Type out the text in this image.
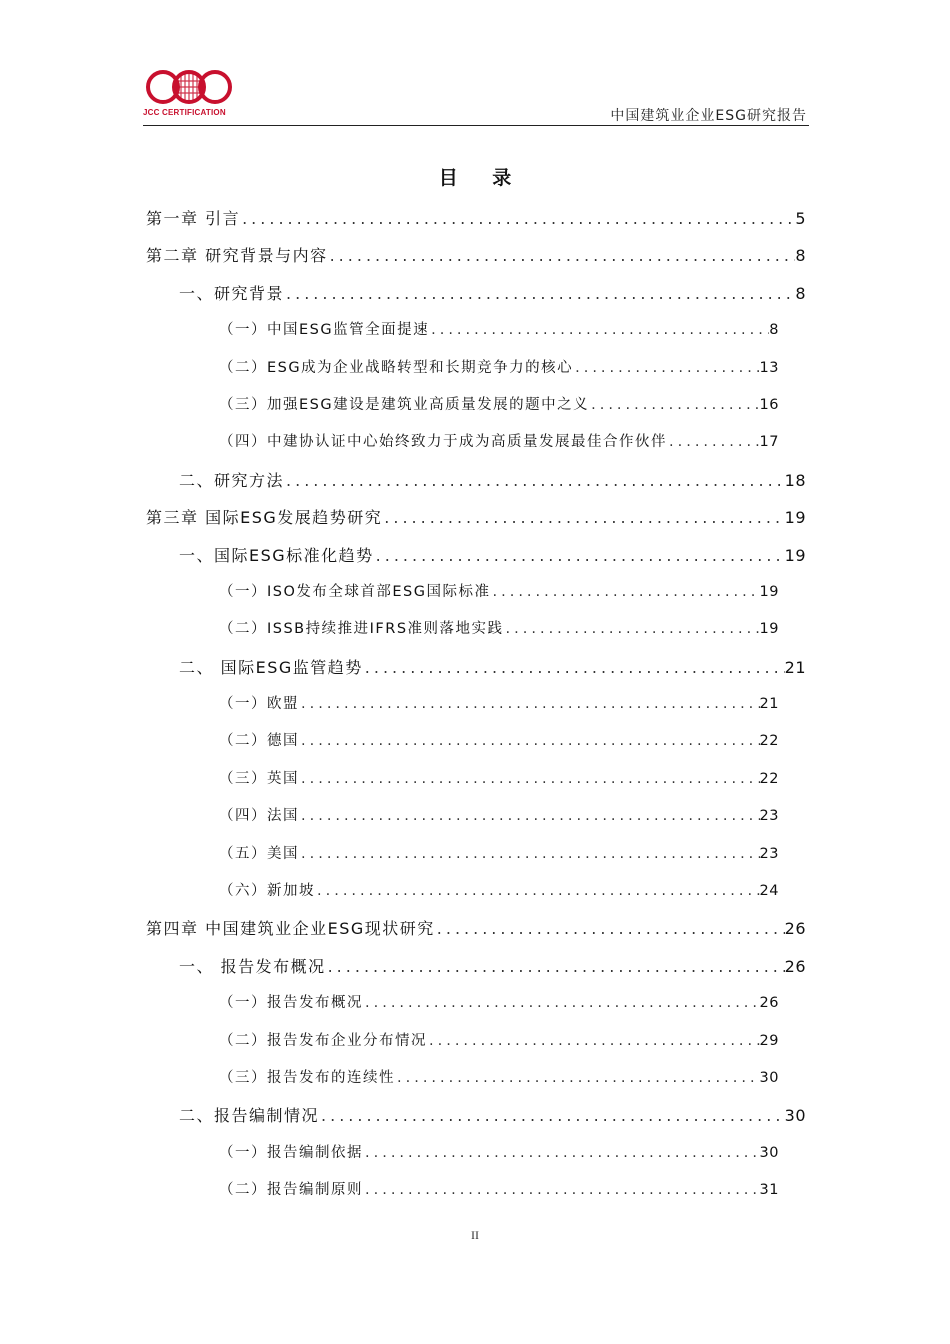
JCC CERTIFICATION	中国建筑业企业ESG研究报告
目 录
第一章 引言 .....	5
第二章 研究背景与内容 .....	8
一、研究背景 .....	8
（一）中国ESG监管全面提速 .....	8
（二）ESG成为企业战略转型和长期竞争力的核心 .....	13
（三）加强ESG建设是建筑业高质量发展的题中之义 .....	16
（四）中建协认证中心始终致力于成为高质量发展最佳合作伙伴 .....	17
二、研究方法 .....	18
第三章 国际ESG发展趋势研究 .....	19
一、国际ESG标准化趋势 .....	19
（一）ISO发布全球首部ESG国际标准 .....	19
（二）ISSB持续推进IFRS准则落地实践 .....	19
二、 国际ESG监管趋势 .....	21
（一）欧盟 .....	21
（二）德国 .....	22
（三）英国 .....	22
（四）法国 .....	23
（五）美国 .....	23
（六）新加坡 .....	24
第四章 中国建筑业企业ESG现状研究 .....	26
一、 报告发布概况 .....	26
（一）报告发布概况 .....	26
（二）报告发布企业分布情况 .....	29
（三）报告发布的连续性 .....	30
二、报告编制情况 .....	30
（一）报告编制依据 .....	30
（二）报告编制原则 .....	31
II
